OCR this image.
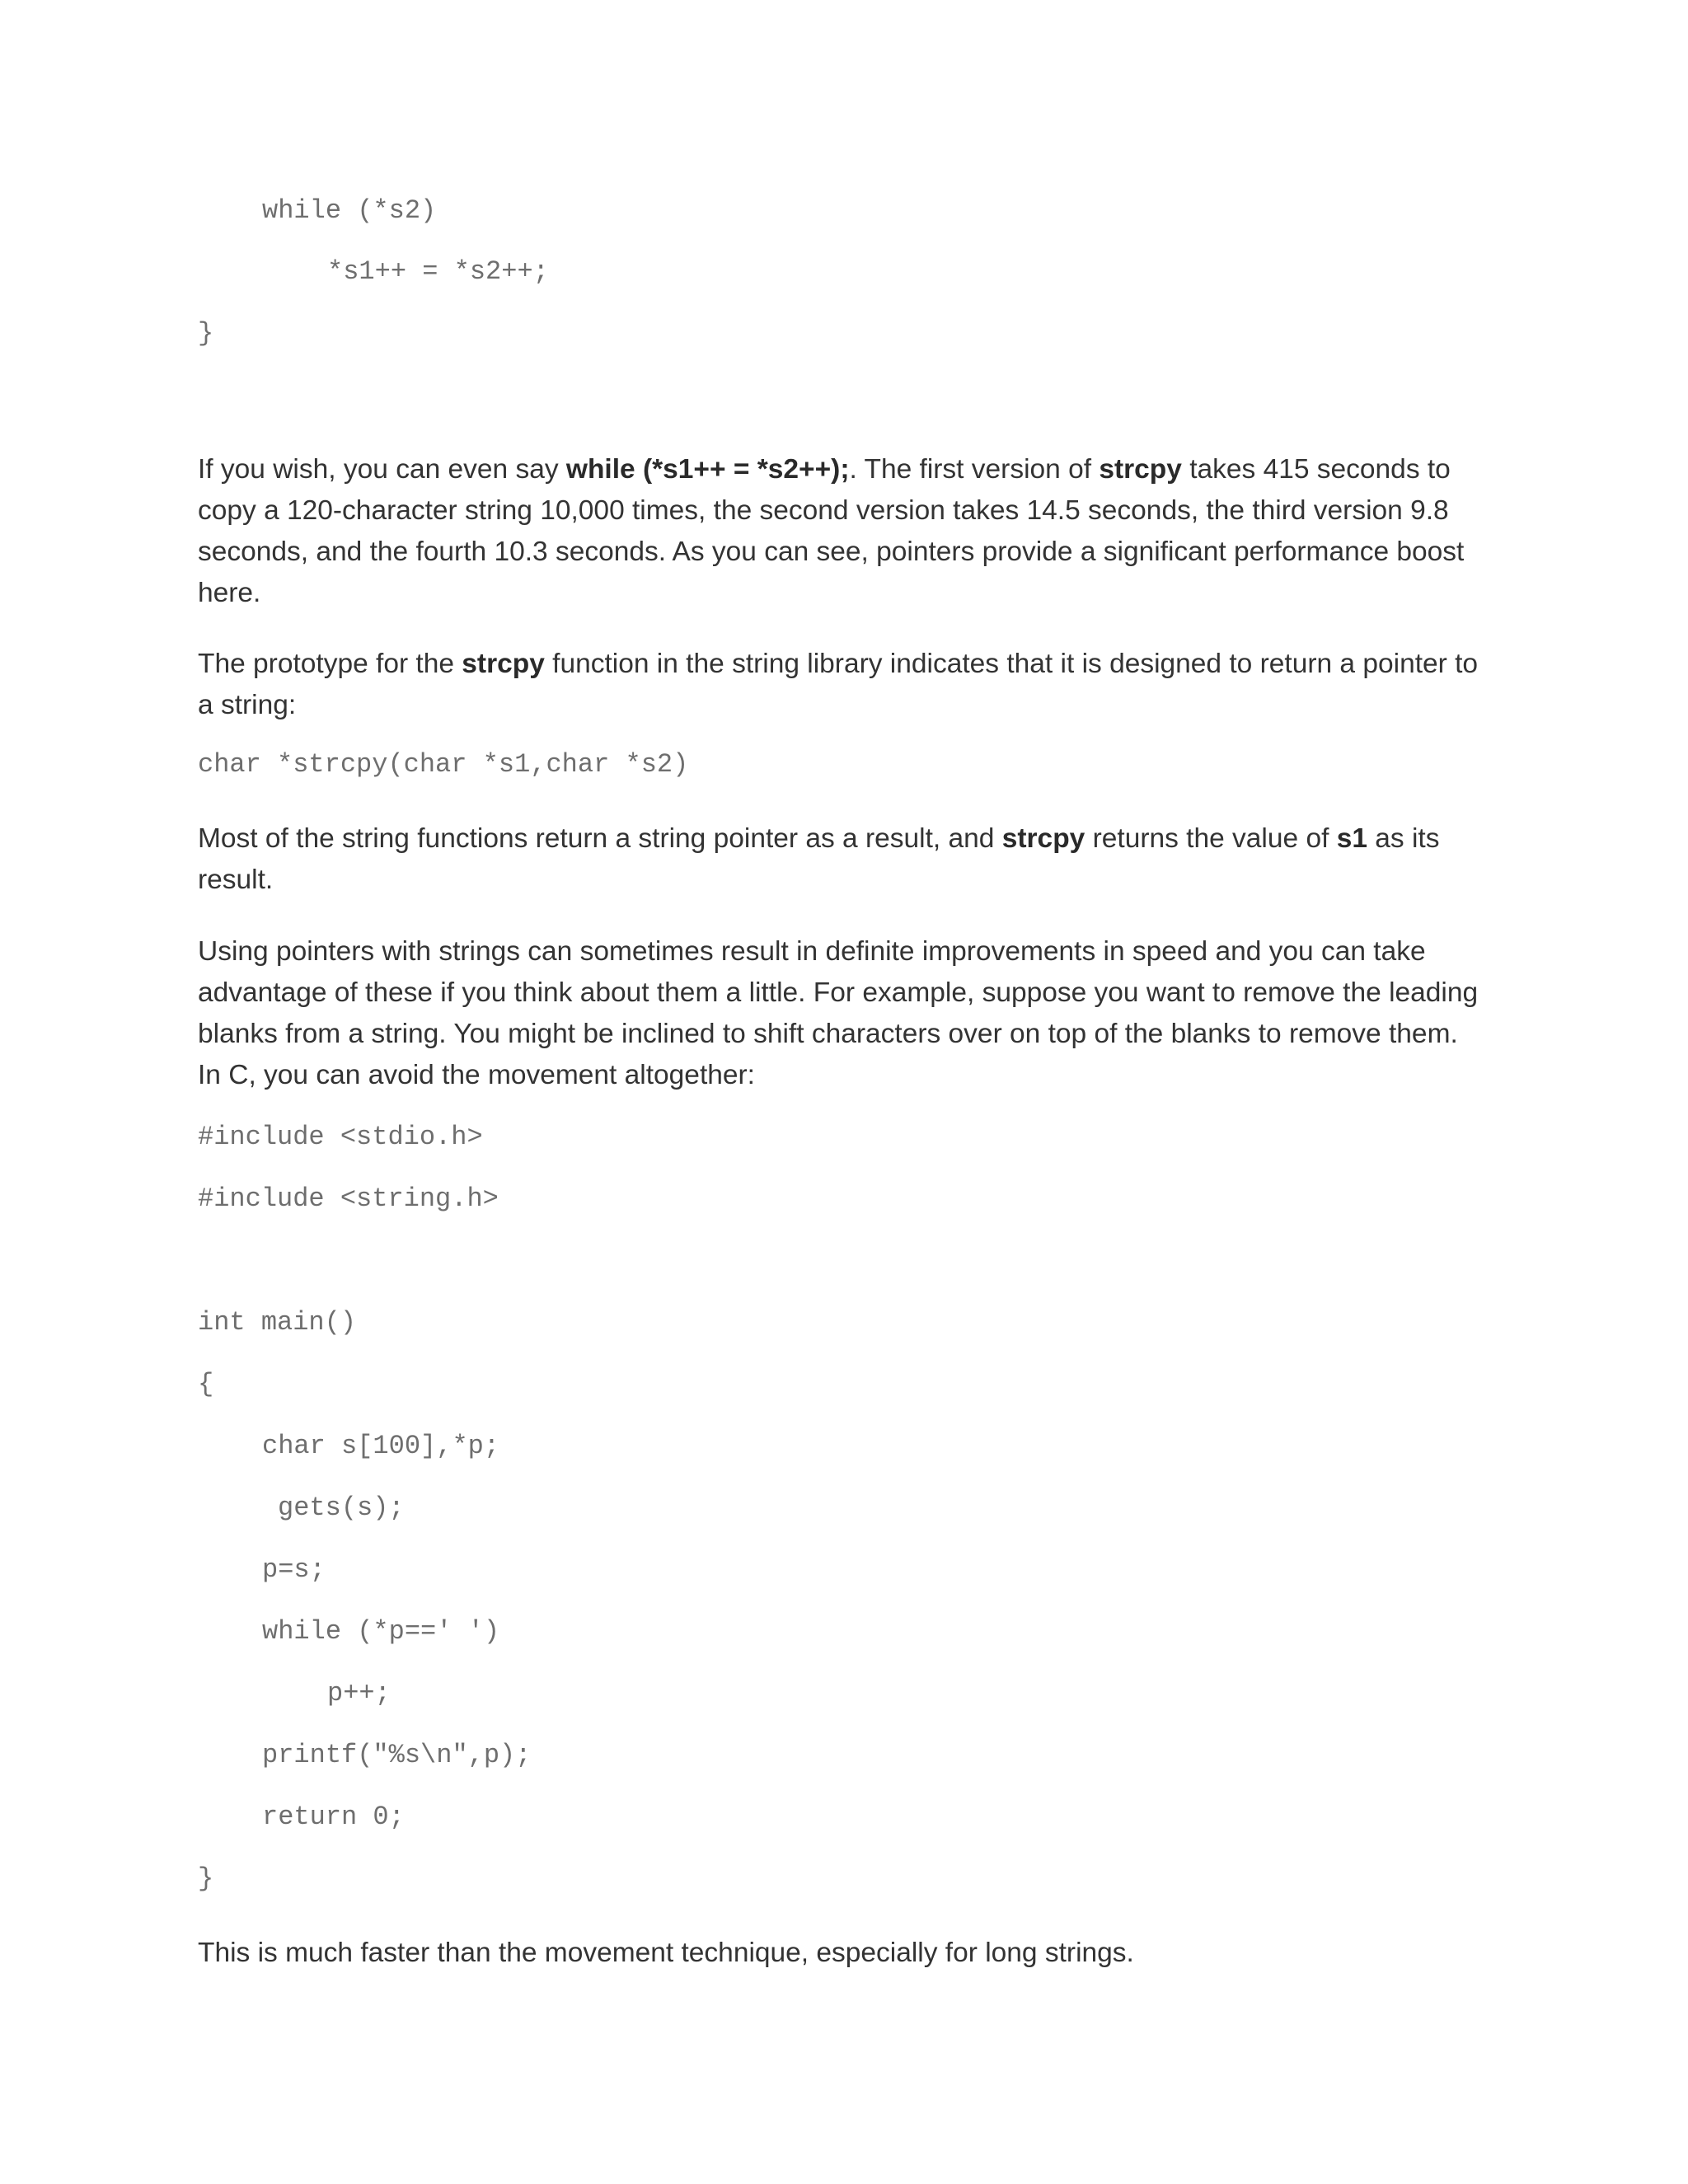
while (*s2)
*s1++ = *s2++;
}

If you wish, you can even say while (*s1++ = *s2++);. The first version of strcpy takes 415 seconds to copy a 120-character string 10,000 times, the second version takes 14.5 seconds, the third version 9.8 seconds, and the fourth 10.3 seconds. As you can see, pointers provide a significant performance boost here.

The prototype for the strcpy function in the string library indicates that it is designed to return a pointer to a string:

char *strcpy(char *s1,char *s2)

Most of the string functions return a string pointer as a result, and strcpy returns the value of s1 as its result.

Using pointers with strings can sometimes result in definite improvements in speed and you can take advantage of these if you think about them a little. For example, suppose you want to remove the leading blanks from a string. You might be inclined to shift characters over on top of the blanks to remove them. In C, you can avoid the movement altogether:

#include <stdio.h>
#include <string.h>
int main()
{
char s[100],*p;
gets(s);
p=s;
while (*p==' ')
p++;
printf("%s\n",p);
return 0;
}

This is much faster than the movement technique, especially for long strings.
